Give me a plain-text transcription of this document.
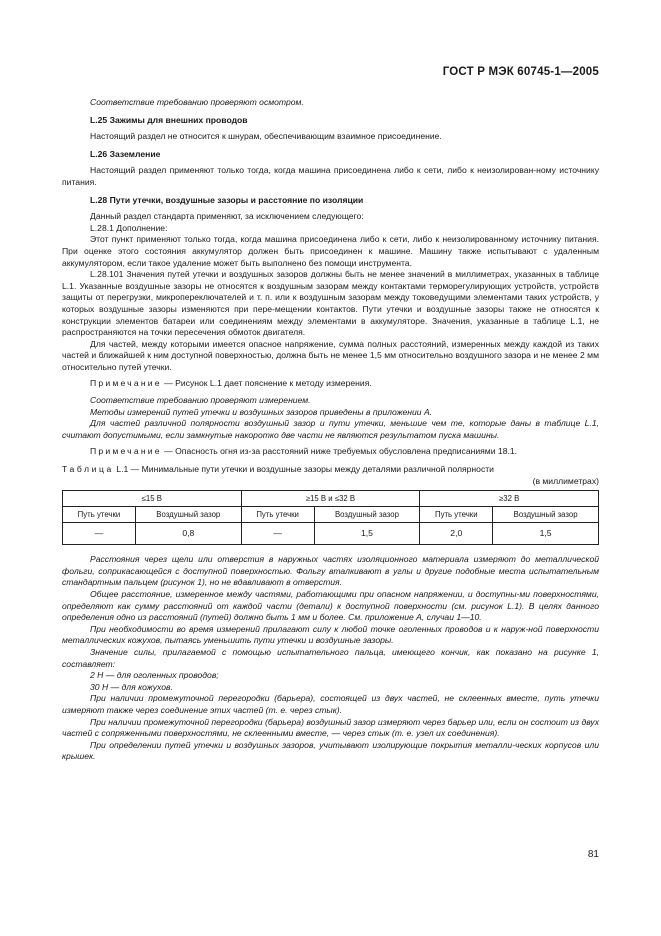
ГОСТ Р МЭК 60745-1—2005

Соответствие требованию проверяют осмотром.

L.25 Зажимы для внешних проводов

Настоящий раздел не относится к шнурам, обеспечивающим взаимное присоединение.

L.26 Заземление

Настоящий раздел применяют только тогда, когда машина присоединена либо к сети, либо к неизолирован-ному источнику питания.

L.28 Пути утечки, воздушные зазоры и расстояние по изоляции

Данный раздел стандарта применяют, за исключением следующего:

L.28.1 Дополнение:

Этот пункт применяют только тогда, когда машина присоединена либо к сети, либо к неизолированному источнику питания. При оценке этого состояния аккумулятор должен быть присоединен к машине. Машину также испытывают с удаленным аккумулятором, если такое удаление может быть выполнено без помощи инструмента.

L.28.101 Значения путей утечки и воздушных зазоров должны быть не менее значений в миллиметрах, указанных в таблице L.1. Указанные воздушные зазоры не относятся к воздушным зазорам между контактами терморегулирующих устройств, устройств защиты от перегрузки, микропереключателей и т. п. или к воздушным зазорам между токоведущими элементами таких устройств, у которых воздушные зазоры изменяются при пере-мещении контактов. Пути утечки и воздушные зазоры также не относятся к конструкции элементов батареи или соединениям между элементами в аккумуляторе. Значения, указанные в таблице L.1, не распространяются на точки пересечения обмоток двигателя.

Для частей, между которыми имеется опасное напряжение, сумма полных расстояний, измеренных между каждой из таких частей и ближайшей к ним доступной поверхностью, должна быть не менее 1,5 мм относительно воздушного зазора и не менее 2 мм относительно путей утечки.

Примечание — Рисунок L.1 дает пояснение к методу измерения.

Соответствие требованию проверяют измерением.

Методы измерений путей утечки и воздушных зазоров приведены в приложении А.

Для частей различной полярности воздушный зазор и пути утечки, меньшие чем те, которые даны в таблице L.1, считают допустимыми, если замкнутые накоротко две части не являются результатом пуска машины.

Примечание — Опасность огня из-за расстояний ниже требуемых обусловлена предписаниями 18.1.

Таблица L.1 — Минимальные пути утечки и воздушные зазоры между деталями различной полярности

(в миллиметрах)

≤15 В		≥15 В и ≤32 В		≥32 В	
Путь утечки	Воздушный зазор	Путь утечки	Воздушный зазор	Путь утечки	Воздушный зазор
—	0,8	—	1,5	2,0	1,5

Расстояния через щели или отверстия в наружных частях изоляционного материала измеряют до металлической фольги, соприкасающейся с доступной поверхностью. Фольгу вталкивают в углы и другие подобные места испытательным стандартным пальцем (рисунок 1), но не вдавливают в отверстия.

Общее расстояние, измеренное между частями, работающими при опасном напряжении, и доступны-ми поверхностями, определяют как сумму расстояний от каждой части (детали) к доступной поверхности (см. рисунок L.1). В целях данного определения одно из расстояний (путей) должно быть 1 мм и более. См. приложение А, случаи 1—10.

При необходимости во время измерений прилагают силу к любой точке оголенных проводов и к наруж-ной поверхности металлических кожухов, пытаясь уменьшить пути утечки и воздушные зазоры.

Значение силы, прилагаемой с помощью испытательного пальца, имеющего кончик, как показано на рисунке 1, составляет:

2 Н — для оголенных проводов;

30 Н — для кожухов.

При наличии промежуточной перегородки (барьера), состоящей из двух частей, не склеенных вместе, путь утечки измеряют также через соединение этих частей (т. е. через стык).

При наличии промежуточной перегородки (барьера) воздушный зазор измеряют через барьер или, если он состоит из двух частей с сопряженными поверхностями, не склеенными вместе, — через стык (т. е. узел их соединения).

При определении путей утечки и воздушных зазоров, учитывают изолирующие покрытия металли-ческих корпусов или крышек.

81
